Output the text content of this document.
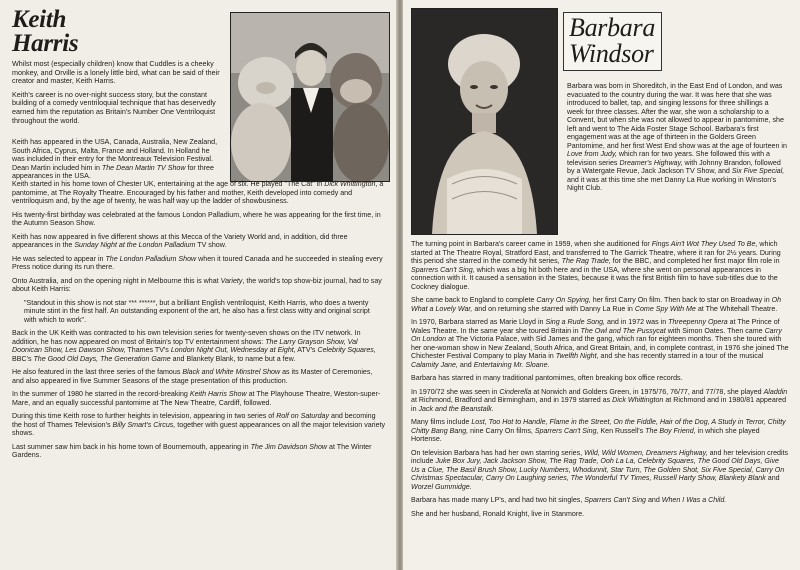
Keith
Harris

Whilst most (especially children) know that Cuddles is a cheeky monkey, and Orville is a lonely little bird, what can be said of their creator and master, Keith Harris.

Keith's career is no over-night success story, but the constant building of a comedy ventriloquial technique that has deservedly earned him the reputation as Britain's Number One Ventriloquist throughout the world.

Keith has appeared in the USA, Canada, Australia, New Zealand, South Africa, Cyprus, Malta, France and Holland. In Holland he was included in their entry for the Montreaux Television Festival. Dean Martin included him in The Dean Martin TV Show for three appearances in the USA.

Keith started in his home town of Chester UK, entertaining at the age of six. He played "The Cat" in Dick Whittington, a pantomime, at The Royalty Theatre. Encouraged by his father and mother, Keith developed into comedy and ventriloquism and, by the age of twenty, he was half way up the ladder of showbusiness.

His twenty-first birthday was celebrated at the famous London Palladium, where he was appearing for the first time, in the Autumn Season Show.

Keith has now appeared in five different shows at this Mecca of the Variety World and, in addition, did three appearances in the Sunday Night at the London Palladium TV show.

He was selected to appear in The London Palladium Show when it toured Canada and he succeeded in stealing every Press notice during its run there.

Onto Australia, and on the opening night in Melbourne this is what Variety, the world's top show-biz journal, had to say about Keith Harris:

"Standout in this show is not star *** ******, but a brilliant English ventriloquist, Keith Harris, who does a twenty minute stint in the first half. An outstanding exponent of the art, he also has a first class witty and original script with which to work".

Back in the UK Keith was contracted to his own television series for twenty-seven shows on the ITV network. In addition, he has now appeared on most of Britain's top TV entertainment shows: The Larry Grayson Show, Val Doonican Show, Les Dawson Show, Thames TV's London Night Out, Wednesday at Eight, ATV's Celebrity Squares, BBC's The Good Old Days, The Generation Game and Blankety Blank, to name but a few.

He also featured in the last three series of the famous Black and White Minstrel Show as its Master of Ceremonies, and also appeared in five Summer Seasons of the stage presentation of this production.

In the summer of 1980 he starred in the record-breaking Keith Harris Show at The Playhouse Theatre, Weston-super-Mare, and an equally successful pantomime at The New Theatre, Cardiff, followed.

During this time Keith rose to further heights in television, appearing in two series of Rolf on Saturday and becoming the host of Thames Television's Billy Smart's Circus, together with guest appearances on all the major television variety shows.

Last summer saw him back in his home town of Bournemouth, appearing in The Jim Davidson Show at The Winter Gardens.

Barbara
Windsor

Barbara was born in Shoreditch, in the East End of London, and was evacuated to the country during the war. It was here that she was introduced to ballet, tap, and singing lessons for three shillings a week for three classes. After the war, she won a scholarship to a Convent, but when she was not allowed to appear in pantomime, she left and went to The Aida Foster Stage School. Barbara's first engagement was at the age of thirteen in the Golders Green Pantomime, and her first West End show was at the age of fourteen in Love from Judy, which ran for two years. She followed this with a television series Dreamer's Highway, with Johnny Brandon, followed by a Watergate Revue, Jack Jackson TV Show, and Six Five Special, and it was at this time she met Danny La Rue working in Winston's Night Club.

The turning point in Barbara's career came in 1959, when she auditioned for Fings Ain't Wot They Used To Be, which started at The Theatre Royal, Stratford East, and transferred to The Garrick Theatre, where it ran for 2½ years. During this period she starred in the comedy hit series, The Rag Trade, for the BBC, and completed her first major film role in Sparrers Can't Sing, which was a big hit both here and in the USA, where she went on personal appearances in connection with it. It caused a sensation in the States, because it was the first British film to have sub-titles due to the Cockney dialogue.

She came back to England to complete Carry On Spying, her first Carry On film. Then back to star on Broadway in Oh What a Lovely War, and on returning she starred with Danny La Rue in Come Spy With Me at The Whitehall Theatre.

In 1970, Barbara starred as Marie Lloyd in Sing a Rude Song, and in 1972 was in Threepenny Opera at The Prince of Wales Theatre. In the same year she toured Britain in The Owl and The Pussycat with Simon Oates. Then came Carry On London at The Victoria Palace, with Sid James and the gang, which ran for eighteen months. Then she toured with her one-woman show in New Zealand, South Africa, and Great Britain, and, in complete contrast, in 1976 she joined The Chichester Festival Company to play Maria in Twelfth Night, and she has recently starred in a tour of the musical Calamity Jane, and Entertaining Mr. Sloane.

Barbara has starred in many traditional pantomimes, often breaking box office records.

In 1970/72 she was seen in Cinderella at Norwich and Golders Green, in 1975/76, 76/77, and 77/78, she played Aladdin at Richmond, Bradford and Birmingham, and in 1979 starred as Dick Whittington at Richmond and in 1980/81 appeared in Jack and the Beanstalk.

Many films include Lost, Too Hot to Handle, Flame in the Street, On the Fiddle, Hair of the Dog, A Study in Terror, Chitty Chitty Bang Bang, nine Carry On films, Sparrers Can't Sing, Ken Russell's The Boy Friend, in which she played Hortense.

On television Barbara has had her own starring series, Wild, Wild Women, Dreamers Highway, and her television credits include Juke Box Jury, Jack Jackson Show, The Rag Trade, Ooh La La, Celebrity Squares, The Good Old Days, Give Us a Clue, The Basil Brush Show, Lucky Numbers, Whodunnit, Star Turn, The Golden Shot, Six Five Special, Carry On Christmas Spectacular, Carry On Laughing series, The Wonderful TV Times, Russell Harty Show, Blankety Blank and Worzel Gummidge.

Barbara has made many LP's, and had two hit singles, Sparrers Can't Sing and When I Was a Child.

She and her husband, Ronald Knight, live in Stanmore.
